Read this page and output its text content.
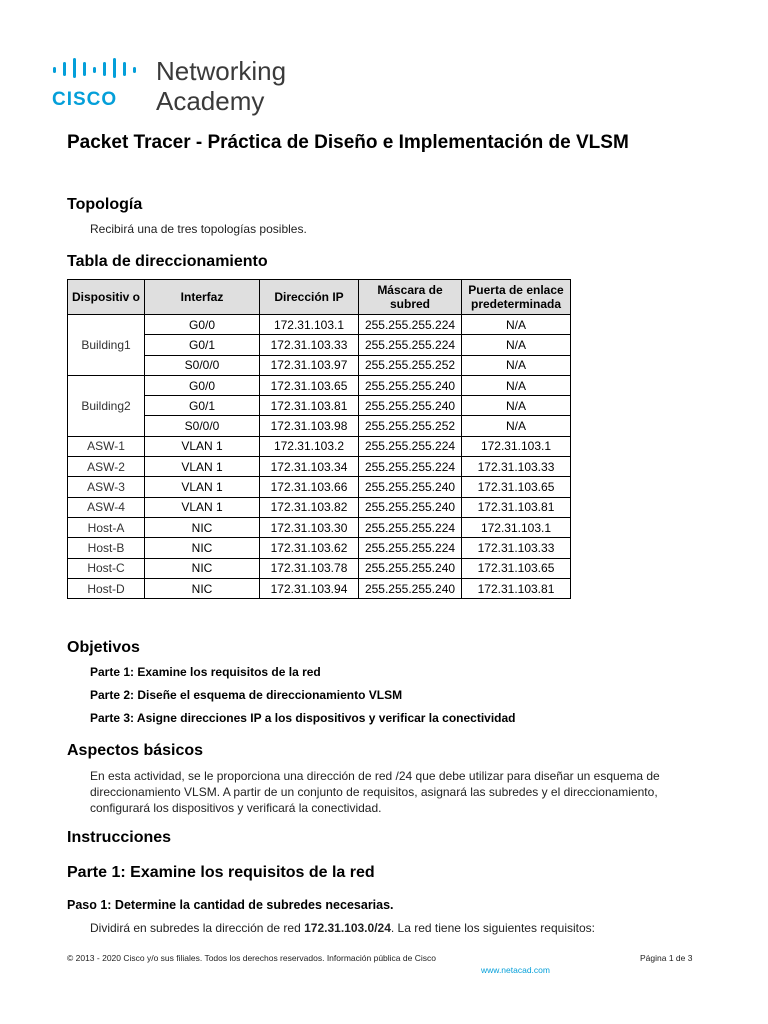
Networking
CISCO Academy
Packet Tracer - Práctica de Diseño e Implementación de VLSM
Topología
Recibirá una de tres topologías posibles.
Tabla de direccionamiento
Dispositiv o	Interfaz	Dirección IP	Máscara de subred	Puerta de enlace predeterminada
Building1	G0/0	172.31.103.1	255.255.255.224	N/A
	G0/1	172.31.103.33	255.255.255.224	N/A
	S0/0/0	172.31.103.97	255.255.255.252	N/A
Building2	G0/0	172.31.103.65	255.255.255.240	N/A
	G0/1	172.31.103.81	255.255.255.240	N/A
	S0/0/0	172.31.103.98	255.255.255.252	N/A
ASW-1	VLAN 1	172.31.103.2	255.255.255.224	172.31.103.1
ASW-2	VLAN 1	172.31.103.34	255.255.255.224	172.31.103.33
ASW-3	VLAN 1	172.31.103.66	255.255.255.240	172.31.103.65
ASW-4	VLAN 1	172.31.103.82	255.255.255.240	172.31.103.81
Host-A	NIC	172.31.103.30	255.255.255.224	172.31.103.1
Host-B	NIC	172.31.103.62	255.255.255.224	172.31.103.33
Host-C	NIC	172.31.103.78	255.255.255.240	172.31.103.65
Host-D	NIC	172.31.103.94	255.255.255.240	172.31.103.81
Objetivos
Parte 1: Examine los requisitos de la red
Parte 2: Diseñe el esquema de direccionamiento VLSM
Parte 3: Asigne direcciones IP a los dispositivos y verificar la conectividad
Aspectos básicos
En esta actividad, se le proporciona una dirección de red /24 que debe utilizar para diseñar un esquema de direccionamiento VLSM. A partir de un conjunto de requisitos, asignará las subredes y el direccionamiento, configurará los dispositivos y verificará la conectividad.
Instrucciones
Parte 1: Examine los requisitos de la red
Paso 1: Determine la cantidad de subredes necesarias.
Dividirá en subredes la dirección de red 172.31.103.0/24. La red tiene los siguientes requisitos:
© 2013 - 2020 Cisco y/o sus filiales. Todos los derechos reservados. Información pública de Cisco	Página 1 de 3
www.netacad.com
